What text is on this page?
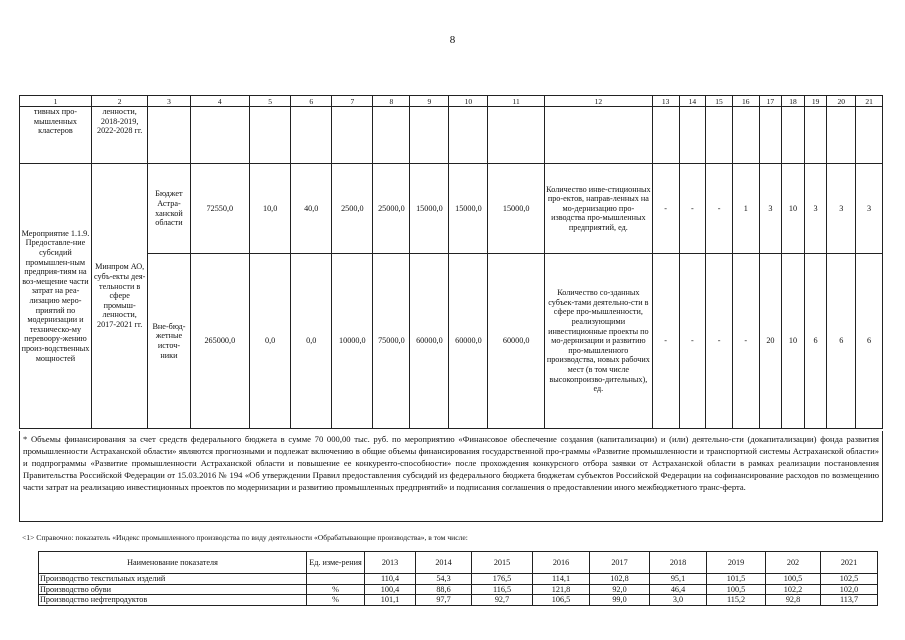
8
1	2	3	4	5	6	7	8	9	10	11	12	13	14	15	16	17	18	19	20	21
тивных про-мышленных кластеров	ленности, 2018-2019, 2022-2028 гг.																			
Мероприятие 1.1.9. Предоставле-ние субсидий промышлен-ным предприя-тиям на воз-мещение части затрат на реа-лизацию меро-приятий по модернизации и техническо-му перевоору-жению произ-водственных мощностей	Минпром АО, субъ-екты дея-тельности в сфере промыш-ленности, 2017-2021 гг.	Бюджет Астра-ханской области	72550,0	10,0	40,0	2500,0	25000,0	15000,0	15000,0	15000,0	Количество инве-стиционных про-ектов, направ-ленных на мо-дернизацию про-изводства про-мышленных предприятий, ед.	-	-	-	1	3	10	3	3	3
		Вне-бюд-жетные источ-ники	265000,0	0,0	0,0	10000,0	75000,0	60000,0	60000,0	60000,0	Количество со-зданных субъек-тами деятельно-сти в сфере про-мышленности, реализующими инвестиционные проекты по мо-дернизации и развитию про-мышленного производства, новых рабочих мест (в том числе высокопроизво-дительных), ед.	-	-	-	-	20	10	6	6	6
* Объемы финансирования за счет средств федерального бюджета в сумме 70 000,00 тыс. руб. по мероприятию «Финансовое обеспечение создания (капитализации) и (или) деятельно-сти (докапитализации) фонда развития промышленности Астраханской области» являются прогнозными и подлежат включению в общие объемы финансирования государственной про-граммы «Развитие промышленности и транспортной системы Астраханской области» и подпрограммы «Развитие промышленности Астраханской области и повышение ее конкуренто-способности» после прохождения конкурсного отбора заявки от Астраханской области в рамках реализации постановления Правительства Российской Федерации от 15.03.2016 № 194 «Об утверждении Правил предоставления субсидий из федерального бюджета бюджетам субъектов Российской Федерации на софинансирование расходов по возмещению части затрат на реализацию инвестиционных проектов по модернизации и развитию промышленных предприятий» и подписания соглашения о предоставлении иного межбюджетного транс-ферта.
<1> Справочно: показатель «Индекс промышленного производства по виду деятельности «Обрабатывающие производства», в том числе:
Наименование показателя	Ед. изме-рения	2013	2014	2015	2016	2017	2018	2019	202	2021
Производство текстильных изделий		110,4	54,3	176,5	114,1	102,8	95,1	101,5	100,5	102,5
Производство обуви	%	100,4	88,6	116,5	121,8	92,0	46,4	100,5	102,2	102,0
Производство нефтепродуктов	%	101,1	97,7	92,7	106,5	99,0	3,0	115,2	92,8	113,7
